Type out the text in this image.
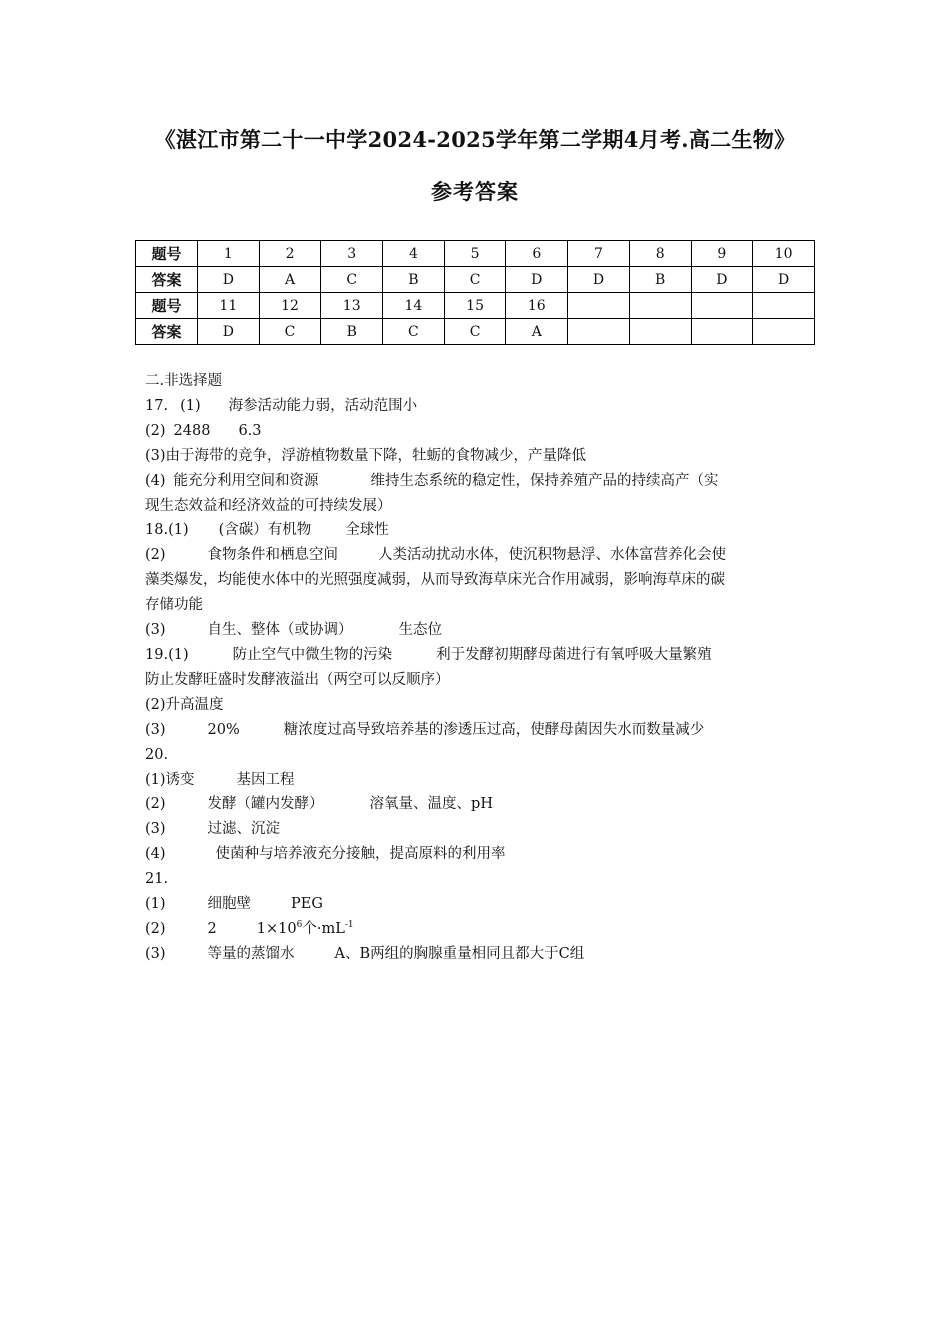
《湛江市第二十一中学2024-2025学年第二学期4月考.高二生物》
参考答案
题号	1	2	3	4	5	6	7	8	9	10
答案	D	A	C	B	C	D	D	B	D	D
题号	11	12	13	14	15	16				
答案	D	C	B	C	C	A				
二.非选择题
17. (1) 海参活动能力弱，活动范围小
(2) 2488 6.3
(3)由于海带的竞争，浮游植物数量下降，牡蛎的食物减少，产量降低
(4) 能充分利用空间和资源	维持生态系统的稳定性，保持养殖产品的持续高产（实
现生态效益和经济效益的可持续发展）
18.(1) (含碳）有机物 全球性
(2)	食物条件和栖息空间	人类活动扰动水体，使沉积物悬浮、水体富营养化会使
藻类爆发，均能使水体中的光照强度减弱，从而导致海草床光合作用减弱，影响海草床的碳
存储功能
(3)	自生、整体（或协调）	生态位
19.(1)	防止空气中微生物的污染	利于发酵初期酵母菌进行有氧呼吸大量繁殖
防止发酵旺盛时发酵液溢出（两空可以反顺序）
(2)升高温度
(3)	20%	糖浓度过高导致培养基的渗透压过高，使酵母菌因失水而数量减少
20.
(1)诱变	基因工程
(2)	发酵（罐内发酵）	溶氧量、温度、pH
(3)	过滤、沉淀
(4)	使菌种与培养液充分接触，提高原料的利用率
21.
(1)	细胞壁	PEG
(2)	2	$1\times 10^6$个$\cdot mL^{-1}$
(3)	等量的蒸馏水	A、B两组的胸腺重量相同且都大于C组
